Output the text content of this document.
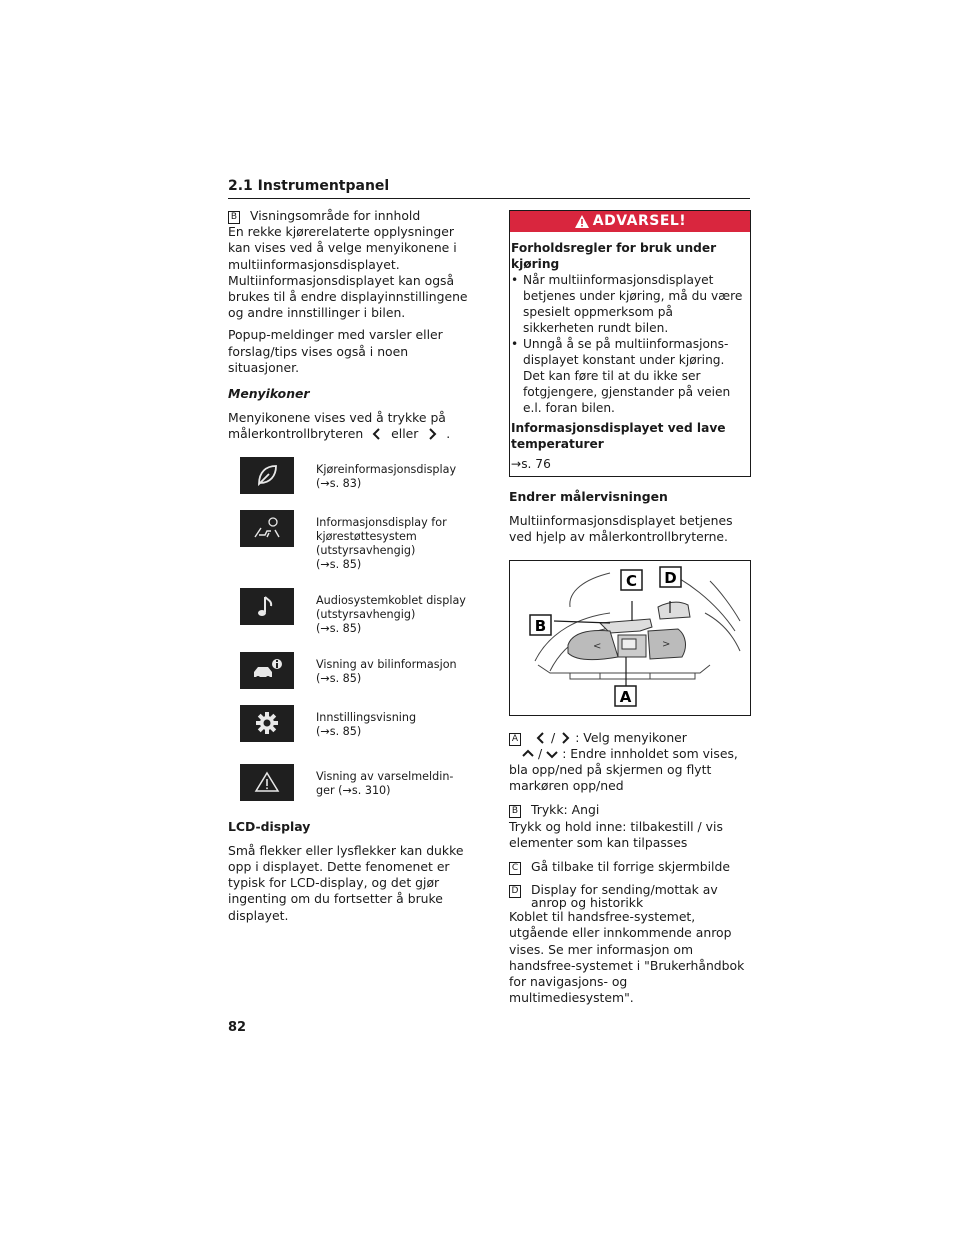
2.1 Instrumentpanel

B Visningsområde for innhold

En rekke kjørerelaterte opplysninger kan vises ved å velge menyikonene i multiinformasjonsdisplayet. Multiinformasjonsdisplayet kan også brukes til å endre displayinnstillingene og andre innstillinger i bilen.

Popup-meldinger med varsler eller forslag/tips vises også i noen situasjoner.

Menyikoner

Menyikonene vises ved å trykke på målerkontrollbryteren eller .

Kjøreinformasjonsdisplay
(→s. 83)
Informasjonsdisplay for
kjørestøttesystem
(utstyrsavhengig)
(→s. 85)
Audiosystemkoblet display
(utstyrsavhengig)
(→s. 85)
Visning av bilinformasjon
(→s. 85)
Innstillingsvisning
(→s. 85)
Visning av varselmeldin-
ger (→s. 310)
LCD-display

Små flekker eller lysflekker kan dukke opp i displayet. Dette fenomenet er typisk for LCD-display, og det gjør ingenting om du fortsetter å bruke displayet.

ADVARSEL!

Forholdsregler for bruk under kjøring

• Når multiinformasjonsdisplayet betjenes under kjøring, må du være spesielt oppmerksom på sikkerheten rundt bilen.
• Unngå å se på multiinformasjons-displayet konstant under kjøring. Det kan føre til at du ikke ser fotgjengere, gjenstander på veien e.l. foran bilen.

Informasjonsdisplayet ved lave temperaturer

→s. 76

Endrer målervisningen

Multiinformasjonsdisplayet betjenes ved hjelp av målerkontrollbryterne.

<	>
C D
B
A
A	/ : Velg menyikoner
/ : Endre innholdet som vises, bla opp/ned på skjermen og flytt markøren opp/ned
B Trykk: Angi
Trykk og hold inne: tilbakestill / vis elementer som kan tilpasses
C Gå tilbake til forrige skjermbilde
D Display for sending/mottak av anrop og historikk
Koblet til handsfree-systemet, utgående eller innkommende anrop vises. Se mer informasjon om handsfree-systemet i "Brukerhåndbok for navigasjons- og multimediesystem".
82
